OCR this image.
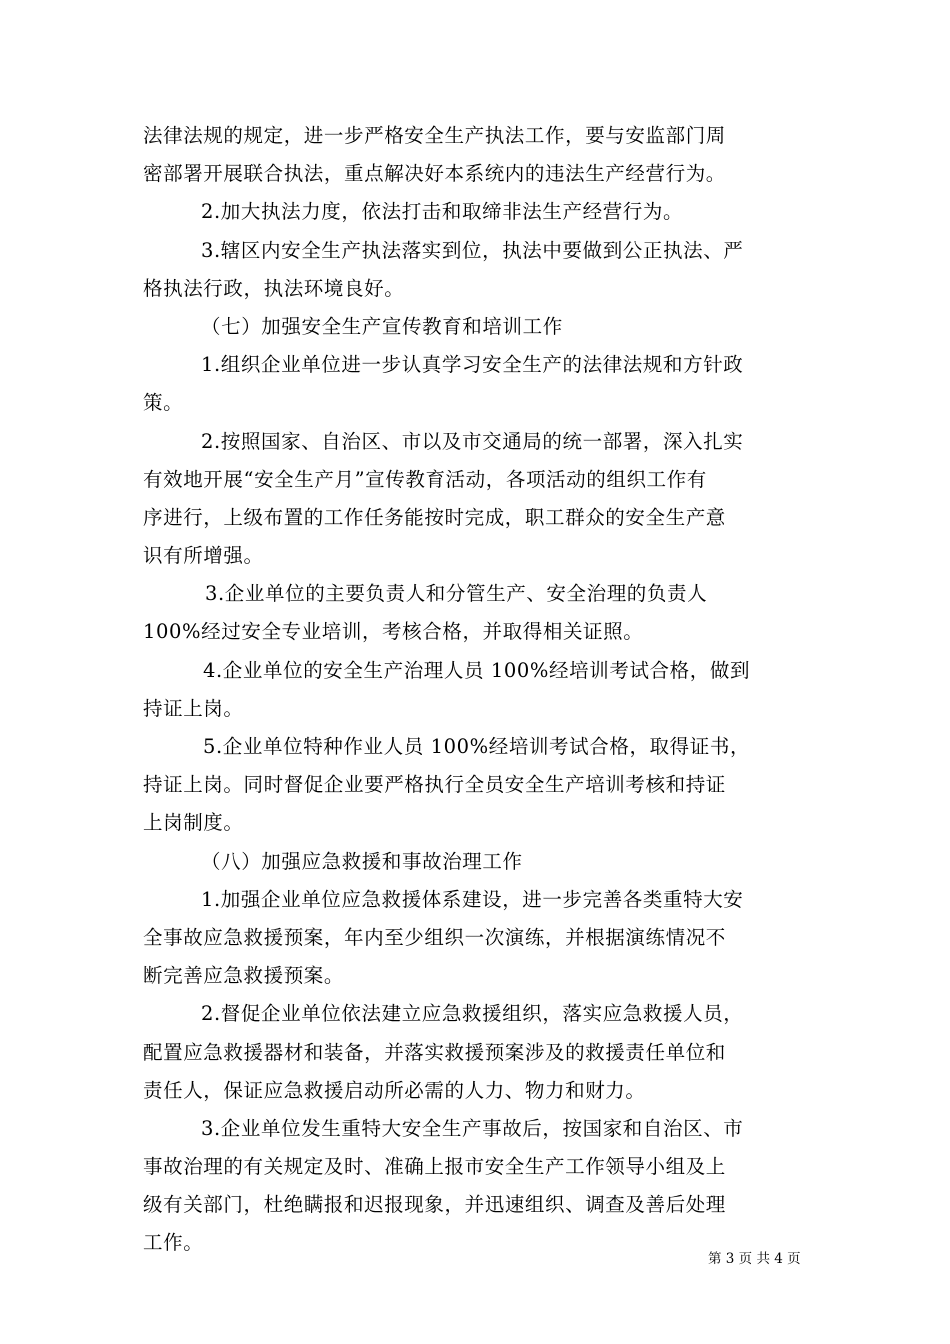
法律法规的规定，进一步严格安全生产执法工作，要与安监部门周
密部署开展联合执法，重点解决好本系统内的违法生产经营行为。
2.加大执法力度，依法打击和取缔非法生产经营行为。
3.辖区内安全生产执法落实到位，执法中要做到公正执法、严
格执法行政，执法环境良好。
（七）加强安全生产宣传教育和培训工作
1.组织企业单位进一步认真学习安全生产的法律法规和方针政
策。
2.按照国家、自治区、市以及市交通局的统一部署，深入扎实
有效地开展“安全生产月”宣传教育活动，各项活动的组织工作有
序进行，上级布置的工作任务能按时完成，职工群众的安全生产意
识有所增强。
3.企业单位的主要负责人和分管生产、安全治理的负责人
100%经过安全专业培训，考核合格，并取得相关证照。
4.企业单位的安全生产治理人员 100%经培训考试合格，做到
持证上岗。
5.企业单位特种作业人员 100%经培训考试合格，取得证书，
持证上岗。同时督促企业要严格执行全员安全生产培训考核和持证
上岗制度。
（八）加强应急救援和事故治理工作
1.加强企业单位应急救援体系建设，进一步完善各类重特大安
全事故应急救援预案，年内至少组织一次演练，并根据演练情况不
断完善应急救援预案。
2.督促企业单位依法建立应急救援组织，落实应急救援人员，
配置应急救援器材和装备，并落实救援预案涉及的救援责任单位和
责任人，保证应急救援启动所必需的人力、物力和财力。
3.企业单位发生重特大安全生产事故后，按国家和自治区、市
事故治理的有关规定及时、准确上报市安全生产工作领导小组及上
级有关部门，杜绝瞒报和迟报现象，并迅速组织、调查及善后处理
工作。
第 3 页 共 4 页
